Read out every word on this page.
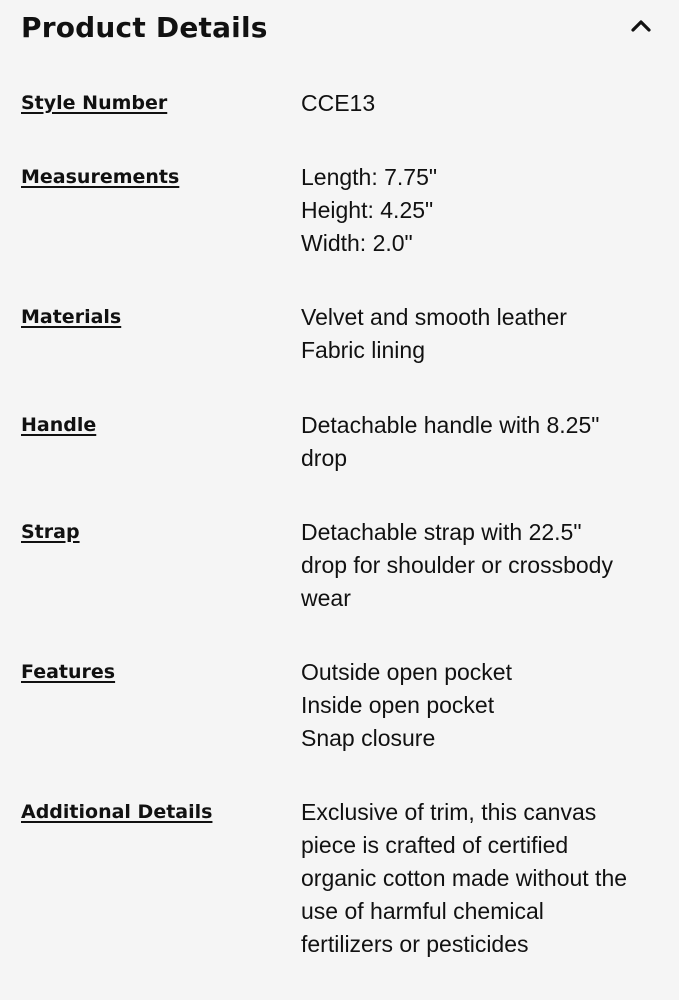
Product Details
Style Number	CCE13
Measurements	Length: 7.75"
Height: 4.25"
Width: 2.0"
Materials	Velvet and smooth leather
Fabric lining
Handle	Detachable handle with 8.25"
drop
Strap	Detachable strap with 22.5"
drop for shoulder or crossbody
wear
Features	Outside open pocket
Inside open pocket
Snap closure
Additional Details	Exclusive of trim, this canvas
piece is crafted of certified
organic cotton made without the
use of harmful chemical
fertilizers or pesticides
